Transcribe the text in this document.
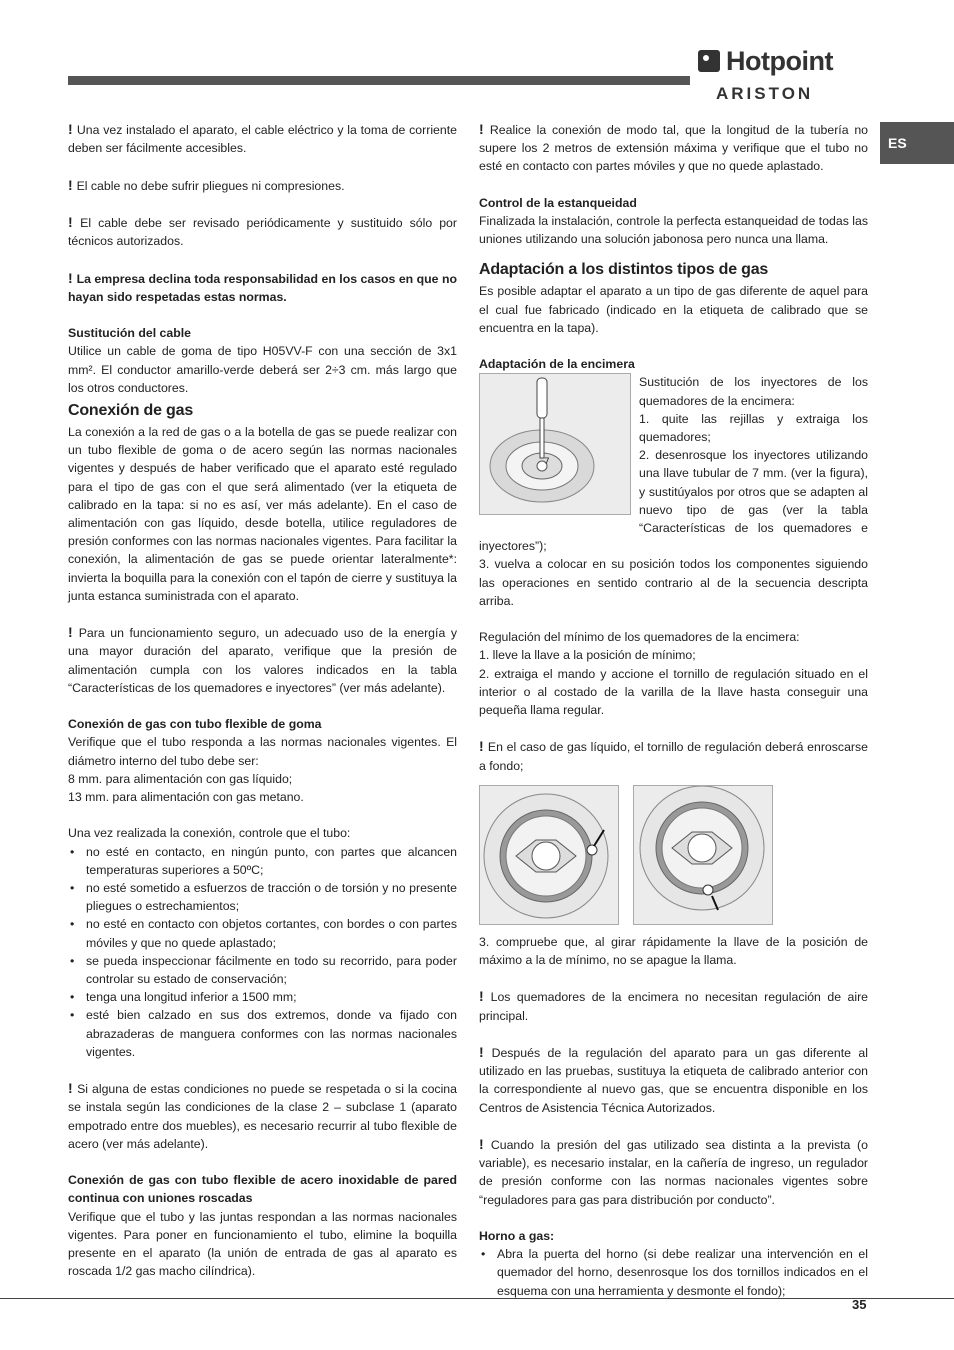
Hotpoint
ARISTON
ES

! Una vez instalado el aparato, el cable eléctrico y la toma de corriente deben ser fácilmente accesibles.

! El cable no debe sufrir pliegues ni compresiones.

! El cable debe ser revisado periódicamente y sustituido sólo por técnicos autorizados.

! La empresa declina toda responsabilidad en los casos en que no hayan sido respetadas estas normas.

Sustitución del cable

Utilice un cable de goma de tipo H05VV-F con una sección de 3x1 mm². El conductor amarillo-verde deberá ser 2÷3 cm. más largo que los otros conductores.

Conexión de gas

La conexión a la red de gas o a la botella de gas se puede realizar con un tubo flexible de goma o de acero según las normas nacionales vigentes y después de haber verificado que el aparato esté regulado para el tipo de gas con el que será alimentado (ver la etiqueta de calibrado en la tapa: si no es así, ver más adelante). En el caso de alimentación con gas líquido, desde botella, utilice reguladores de presión conformes con las normas nacionales vigentes. Para facilitar la conexión, la alimentación de gas se puede orientar lateralmente*: invierta la boquilla para la conexión con el tapón de cierre y sustituya la junta estanca suministrada con el aparato.

! Para un funcionamiento seguro, un adecuado uso de la energía y una mayor duración del aparato, verifique que la presión de alimentación cumpla con los valores indicados en la tabla “Características de los quemadores e inyectores” (ver más adelante).

Conexión de gas con tubo flexible de goma

Verifique que el tubo responda a las normas nacionales vigentes. El diámetro interno del tubo debe ser:

8 mm. para alimentación con gas líquido;

13 mm. para alimentación con gas metano.

Una vez realizada la conexión, controle que el tubo:

• no esté en contacto, en ningún punto, con partes que alcancen temperaturas superiores a 50ºC;
• no esté sometido a esfuerzos de tracción o de torsión y no presente pliegues o estrechamientos;
• no esté en contacto con objetos cortantes, con bordes o con partes móviles y que no quede aplastado;
• se pueda inspeccionar fácilmente en todo su recorrido, para poder controlar su estado de conservación;
• tenga una longitud inferior a 1500 mm;
• esté bien calzado en sus dos extremos, donde va fijado con abrazaderas de manguera conformes con las normas nacionales vigentes.

! Si alguna de estas condiciones no puede se respetada o si la cocina se instala según las condiciones de la clase 2 – subclase 1 (aparato empotrado entre dos muebles), es necesario recurrir al tubo flexible de acero (ver más adelante).

Conexión de gas con tubo flexible de acero inoxidable de pared continua con uniones roscadas

Verifique que el tubo y las juntas respondan a las normas nacionales vigentes. Para poner en funcionamiento el tubo, elimine la boquilla presente en el aparato (la unión de entrada de gas al aparato es roscada 1/2 gas macho cilíndrica).

! Realice la conexión de modo tal, que la longitud de la tubería no supere los 2 metros de extensión máxima y verifique que el tubo no esté en contacto con partes móviles y que no quede aplastado.

Control de la estanqueidad

Finalizada la instalación, controle la perfecta estanqueidad de todas las uniones utilizando una solución jabonosa pero nunca una llama.

Adaptación a los distintos tipos de gas

Es posible adaptar el aparato a un tipo de gas diferente de aquel para el cual fue fabricado (indicado en la etiqueta de calibrado que se encuentra en la tapa).

Adaptación de la encimera

7

Sustitución de los inyectores de los quemadores de la encimera:

1. quite las rejillas y extraiga los quemadores;

2. desenrosque los inyectores utilizando una llave tubular de 7 mm. (ver la figura), y sustitúyalos por otros que se adapten al nuevo tipo de gas (ver la tabla “Características de los quemadores e inyectores”);

3. vuelva a colocar en su posición todos los componentes siguiendo las operaciones en sentido contrario al de la secuencia descripta arriba.

Regulación del mínimo de los quemadores de la encimera:

1. lleve la llave a la posición de mínimo;

2. extraiga el mando y accione el tornillo de regulación situado en el interior o al costado de la varilla de la llave hasta conseguir una pequeña llama regular.

! En el caso de gas líquido, el tornillo de regulación deberá enroscarse a fondo;

3. compruebe que, al girar rápidamente la llave de la posición de máximo a la de mínimo, no se apague la llama.

! Los quemadores de la encimera no necesitan regulación de aire principal.

! Después de la regulación del aparato para un gas diferente al utilizado en las pruebas, sustituya la etiqueta de calibrado anterior con la correspondiente al nuevo gas, que se encuentra disponible en los Centros de Asistencia Técnica Autorizados.

! Cuando la presión del gas utilizado sea distinta a la prevista (o variable), es necesario instalar, en la cañería de ingreso, un regulador de presión conforme con las normas nacionales vigentes sobre “reguladores para gas para distribución por conducto”.

Horno a gas:

• Abra la puerta del horno (si debe realizar una intervención en el quemador del horno, desenrosque los dos tornillos indicados en el esquema con una herramienta y desmonte el fondo);
35
